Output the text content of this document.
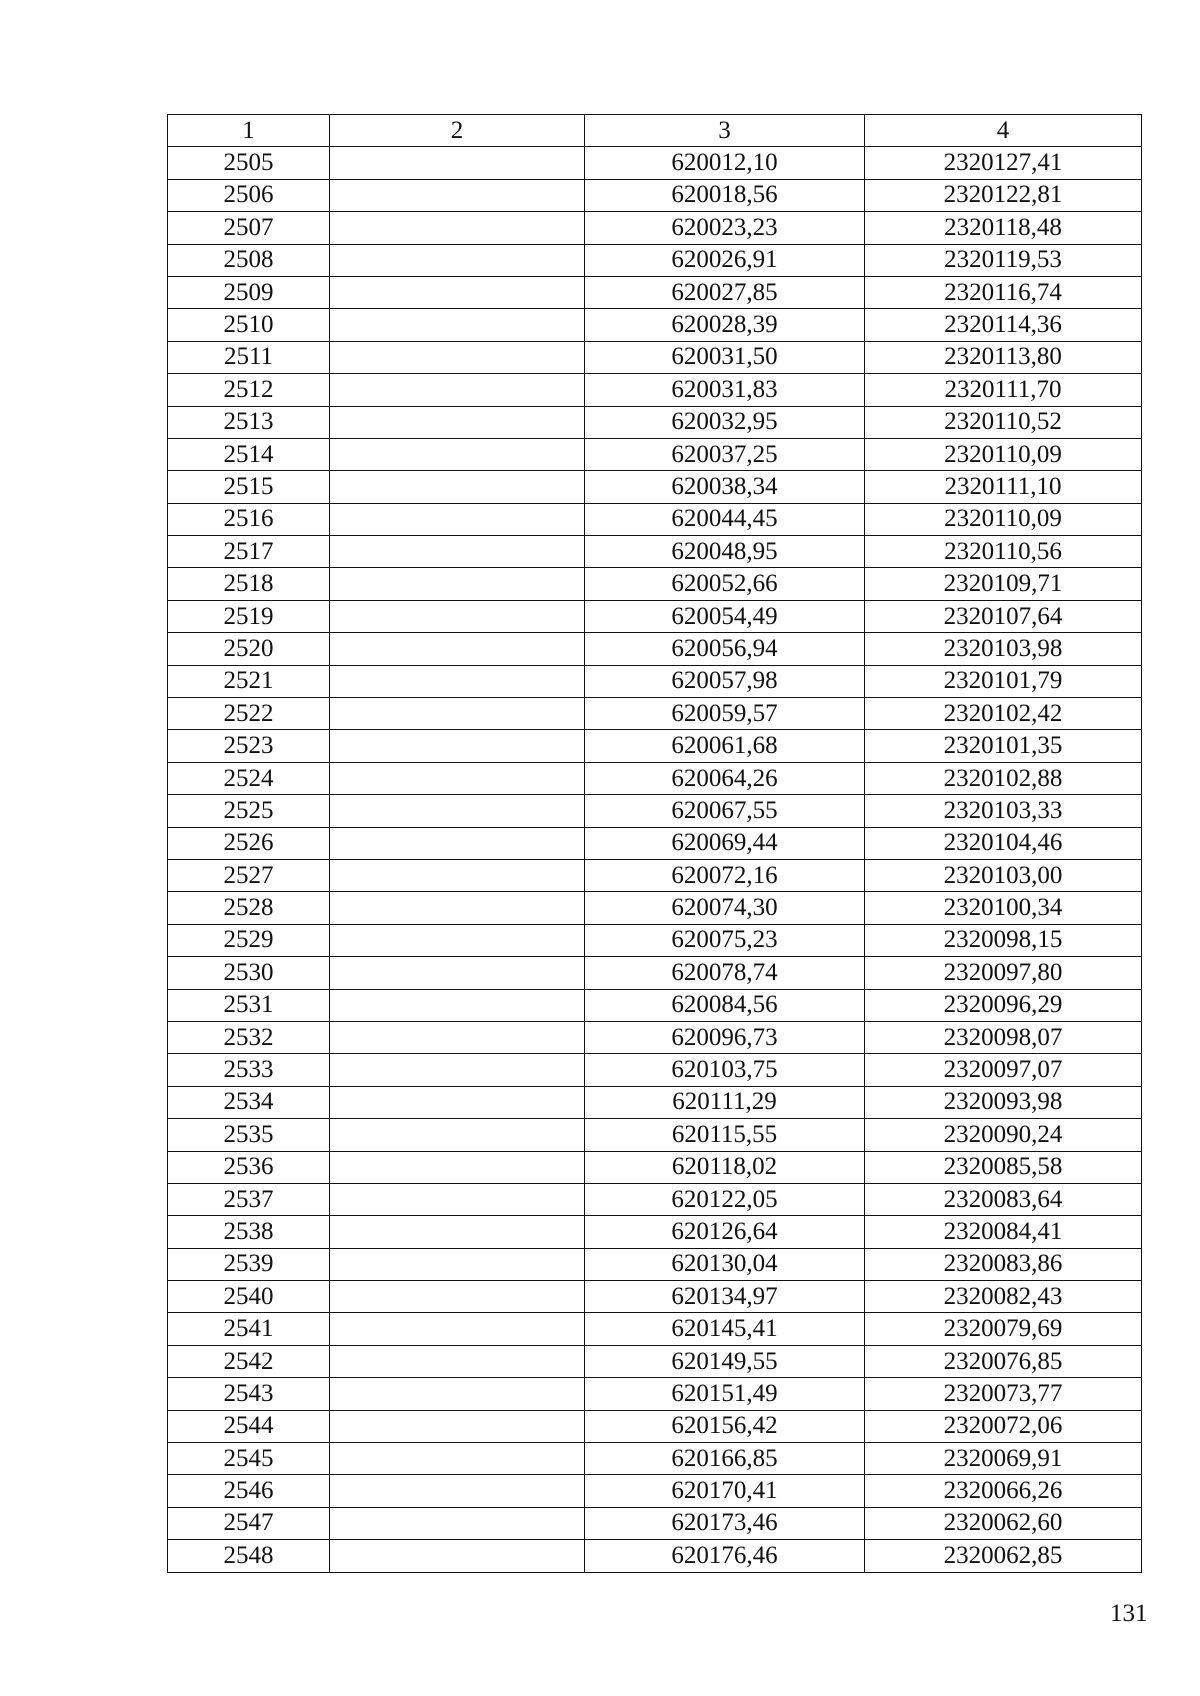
1	2	3	4
2505		620012,10	2320127,41
2506		620018,56	2320122,81
2507		620023,23	2320118,48
2508		620026,91	2320119,53
2509		620027,85	2320116,74
2510		620028,39	2320114,36
2511		620031,50	2320113,80
2512		620031,83	2320111,70
2513		620032,95	2320110,52
2514		620037,25	2320110,09
2515		620038,34	2320111,10
2516		620044,45	2320110,09
2517		620048,95	2320110,56
2518		620052,66	2320109,71
2519		620054,49	2320107,64
2520		620056,94	2320103,98
2521		620057,98	2320101,79
2522		620059,57	2320102,42
2523		620061,68	2320101,35
2524		620064,26	2320102,88
2525		620067,55	2320103,33
2526		620069,44	2320104,46
2527		620072,16	2320103,00
2528		620074,30	2320100,34
2529		620075,23	2320098,15
2530		620078,74	2320097,80
2531		620084,56	2320096,29
2532		620096,73	2320098,07
2533		620103,75	2320097,07
2534		620111,29	2320093,98
2535		620115,55	2320090,24
2536		620118,02	2320085,58
2537		620122,05	2320083,64
2538		620126,64	2320084,41
2539		620130,04	2320083,86
2540		620134,97	2320082,43
2541		620145,41	2320079,69
2542		620149,55	2320076,85
2543		620151,49	2320073,77
2544		620156,42	2320072,06
2545		620166,85	2320069,91
2546		620170,41	2320066,26
2547		620173,46	2320062,60
2548		620176,46	2320062,85
131
